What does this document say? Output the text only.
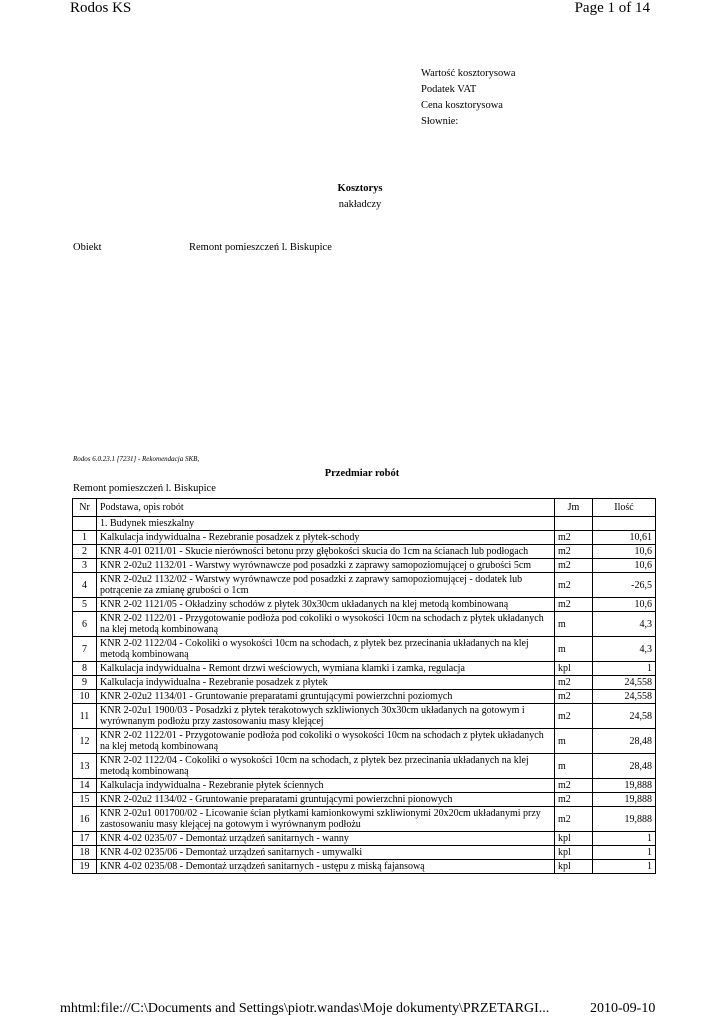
Rodos KS	Page 1 of 14
Wartość kosztorysowa
Podatek VAT
Cena kosztorysowa
Słownie:
Kosztorys
nakładczy
Obiekt	Remont pomieszczeń l. Biskupice
Rodos 6.0.23.1 [7231] - Rekomendacja SKB,
Przedmiar robót
Remont pomieszczeń l. Biskupice
Nr	Podstawa, opis robót	Jm	Ilość
	1. Budynek mieszkalny		
1	Kalkulacja indywidualna - Rezebranie posadzek z płytek-schody	m2	10,61
2	KNR 4-01 0211/01 - Skucie nierówności betonu przy głębokości skucia do 1cm na ścianach lub podłogach	m2	10,6
3	KNR 2-02u2 1132/01 - Warstwy wyrównawcze pod posadzki z zaprawy samopoziomującej o grubości 5cm	m2	10,6
4	KNR 2-02u2 1132/02 - Warstwy wyrównawcze pod posadzki z zaprawy samopoziomującej - dodatek lub potrącenie za zmianę grubości o 1cm	m2	-26,5
5	KNR 2-02 1121/05 - Okładziny schodów z płytek 30x30cm układanych na klej metodą kombinowaną	m2	10,6
6	KNR 2-02 1122/01 - Przygotowanie podłoża pod cokoliki o wysokości 10cm na schodach z płytek układanych na klej metodą kombinowaną	m	4,3
7	KNR 2-02 1122/04 - Cokoliki o wysokości 10cm na schodach, z płytek bez przecinania układanych na klej metodą kombinowaną	m	4,3
8	Kalkulacja indywidualna - Remont drzwi weściowych, wymiana klamki i zamka, regulacja	kpl	1
9	Kalkulacja indywidualna - Rezebranie posadzek z płytek	m2	24,558
10	KNR 2-02u2 1134/01 - Gruntowanie preparatami gruntującymi powierzchni poziomych	m2	24,558
11	KNR 2-02u1 1900/03 - Posadzki z płytek terakotowych szkliwionych 30x30cm układanych na gotowym i wyrównanym podłożu przy zastosowaniu masy klejącej	m2	24,58
12	KNR 2-02 1122/01 - Przygotowanie podłoża pod cokoliki o wysokości 10cm na schodach z płytek układanych na klej metodą kombinowaną	m	28,48
13	KNR 2-02 1122/04 - Cokoliki o wysokości 10cm na schodach, z płytek bez przecinania układanych na klej metodą kombinowaną	m	28,48
14	Kalkulacja indywidualna - Rezebranie płytek ściennych	m2	19,888
15	KNR 2-02u2 1134/02 - Gruntowanie preparatami gruntującymi powierzchni pionowych	m2	19,888
16	KNR 2-02u1 001700/02 - Licowanie ścian płytkami kamionkowymi szkliwionymi 20x20cm układanymi przy zastosowaniu masy klejącej na gotowym i wyrównanym podłożu	m2	19,888
17	KNR 4-02 0235/07 - Demontaż urządzeń sanitarnych - wanny	kpl	1
18	KNR 4-02 0235/06 - Demontaż urządzeń sanitarnych - umywalki	kpl	1
19	KNR 4-02 0235/08 - Demontaż urządzeń sanitarnych - ustępu z miską fajansową	kpl	1
mhtml:file://C:\Documents and Settings\piotr.wandas\Moje dokumenty\PRZETARGI...	2010-09-10
